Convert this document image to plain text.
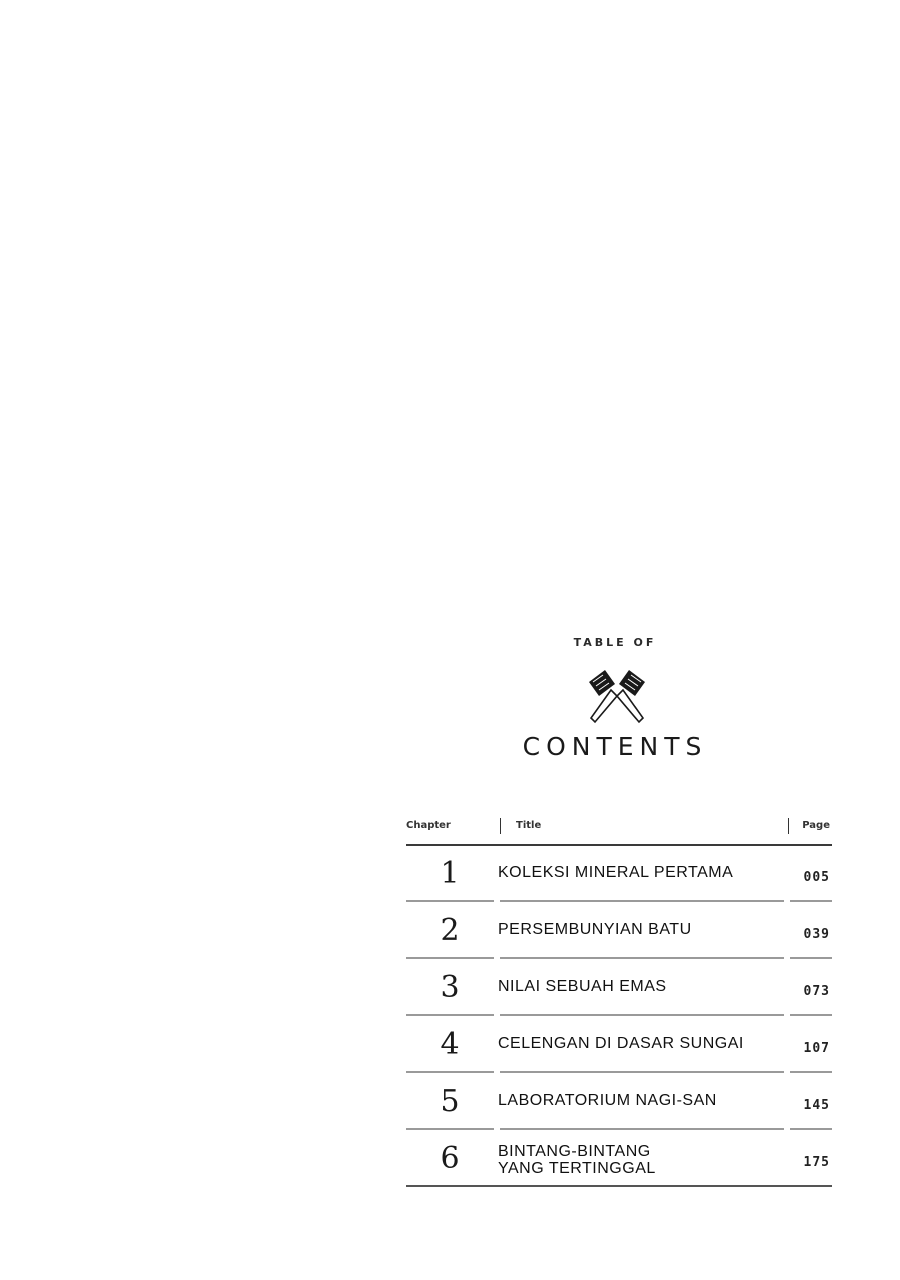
TABLE OF
CONTENTS
Chapter	Title	Page
1	KOLEKSI MINERAL PERTAMA	005
2	PERSEMBUNYIAN BATU	039
3	NILAI SEBUAH EMAS	073
4	CELENGAN DI DASAR SUNGAI	107
5	LABORATORIUM NAGI-SAN	145
6	BINTANG-BINTANG
YANG TERTINGGAL	175
